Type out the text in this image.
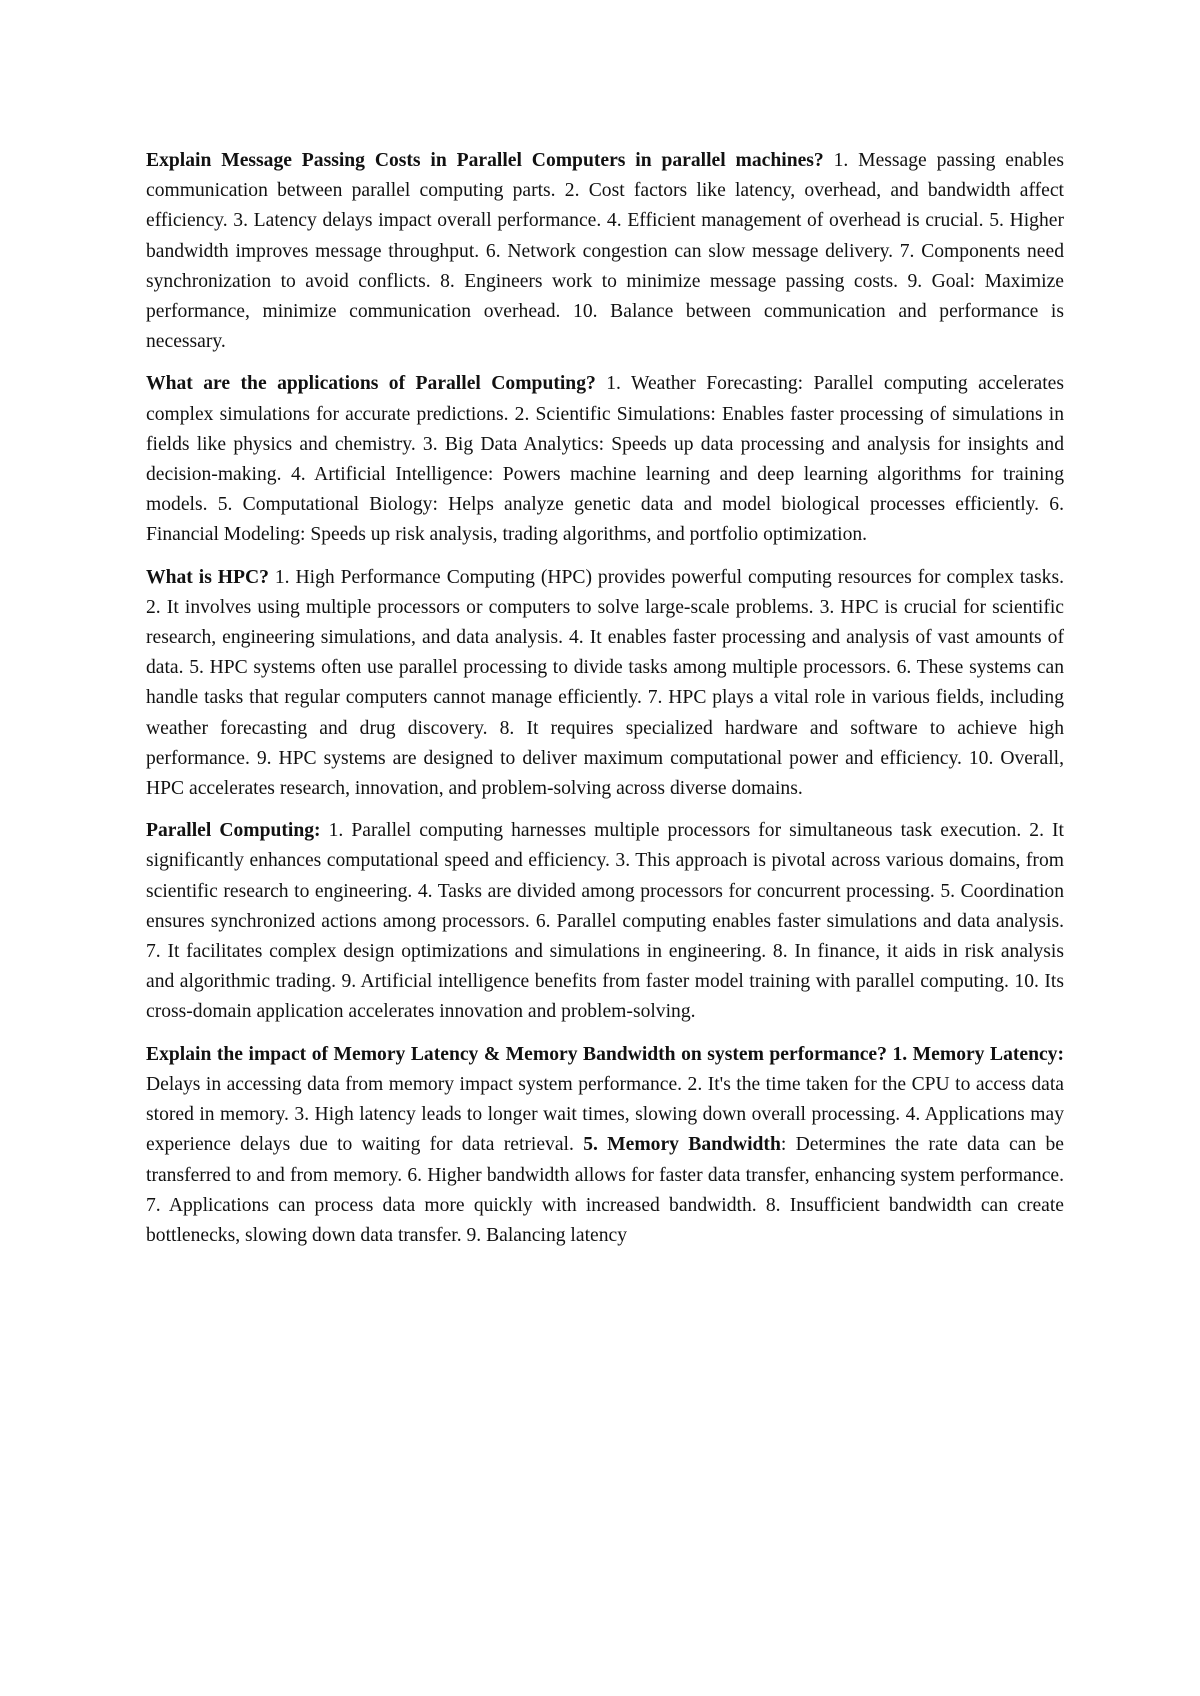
Explain Message Passing Costs in Parallel Computers in parallel machines? 1. Message passing enables communication between parallel computing parts. 2. Cost factors like latency, overhead, and bandwidth affect efficiency. 3. Latency delays impact overall performance. 4. Efficient management of overhead is crucial. 5. Higher bandwidth improves message throughput. 6. Network congestion can slow message delivery. 7. Components need synchronization to avoid conflicts. 8. Engineers work to minimize message passing costs. 9. Goal: Maximize performance, minimize communication overhead. 10. Balance between communication and performance is necessary.

What are the applications of Parallel Computing? 1. Weather Forecasting: Parallel computing accelerates complex simulations for accurate predictions. 2. Scientific Simulations: Enables faster processing of simulations in fields like physics and chemistry. 3. Big Data Analytics: Speeds up data processing and analysis for insights and decision-making. 4. Artificial Intelligence: Powers machine learning and deep learning algorithms for training models. 5. Computational Biology: Helps analyze genetic data and model biological processes efficiently. 6. Financial Modeling: Speeds up risk analysis, trading algorithms, and portfolio optimization.

What is HPC? 1. High Performance Computing (HPC) provides powerful computing resources for complex tasks. 2. It involves using multiple processors or computers to solve large-scale problems. 3. HPC is crucial for scientific research, engineering simulations, and data analysis. 4. It enables faster processing and analysis of vast amounts of data. 5. HPC systems often use parallel processing to divide tasks among multiple processors. 6. These systems can handle tasks that regular computers cannot manage efficiently. 7. HPC plays a vital role in various fields, including weather forecasting and drug discovery. 8. It requires specialized hardware and software to achieve high performance. 9. HPC systems are designed to deliver maximum computational power and efficiency. 10. Overall, HPC accelerates research, innovation, and problem-solving across diverse domains.

Parallel Computing: 1. Parallel computing harnesses multiple processors for simultaneous task execution. 2. It significantly enhances computational speed and efficiency. 3. This approach is pivotal across various domains, from scientific research to engineering. 4. Tasks are divided among processors for concurrent processing. 5. Coordination ensures synchronized actions among processors. 6. Parallel computing enables faster simulations and data analysis. 7. It facilitates complex design optimizations and simulations in engineering. 8. In finance, it aids in risk analysis and algorithmic trading. 9. Artificial intelligence benefits from faster model training with parallel computing. 10. Its cross-domain application accelerates innovation and problem-solving.

Explain the impact of Memory Latency & Memory Bandwidth on system performance? 1. Memory Latency: Delays in accessing data from memory impact system performance. 2. It's the time taken for the CPU to access data stored in memory. 3. High latency leads to longer wait times, slowing down overall processing. 4. Applications may experience delays due to waiting for data retrieval. 5. Memory Bandwidth: Determines the rate data can be transferred to and from memory. 6. Higher bandwidth allows for faster data transfer, enhancing system performance. 7. Applications can process data more quickly with increased bandwidth. 8. Insufficient bandwidth can create bottlenecks, slowing down data transfer. 9. Balancing latency
